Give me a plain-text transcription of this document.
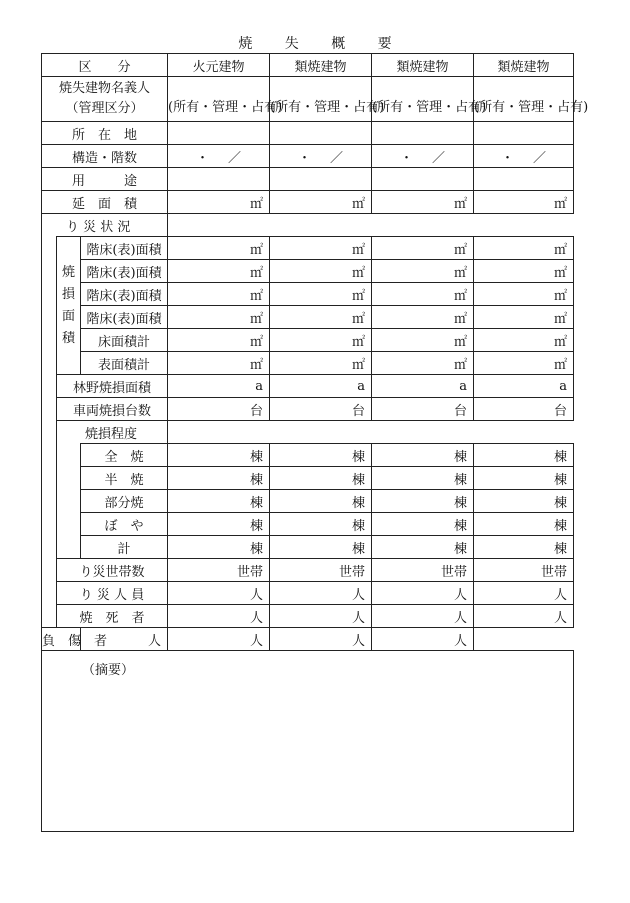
焼 失 概 要
区　　分			火元建物	類焼建物	類焼建物	類焼建物

焼失建物名義人
（管理区分）			(所有・管理・占有)	(所有・管理・占有)	(所有・管理・占有)	(所有・管理・占有)
所　在　地						
構造・階数			・ ／	・ ／	・ ／	・ ／
用　　　途						
延　面　積			㎡	㎡	㎡	㎡
り 災 状 況						

	焼
損
面
積	階床(表)面積	㎡	㎡	㎡	㎡
		階床(表)面積	㎡	㎡	㎡	㎡
		階床(表)面積	㎡	㎡	㎡	㎡
		階床(表)面積	㎡	㎡	㎡	㎡
		床面積計	㎡	㎡	㎡	㎡
		表面積計	㎡	㎡	㎡	㎡
	林野焼損面積		a	a	a	a
	車両焼損台数		台	台	台	台
	焼損程度					
		全　焼	棟	棟	棟	棟
		半　焼	棟	棟	棟	棟
		部分焼	棟	棟	棟	棟
		ぼ　や	棟	棟	棟	棟
		計	棟	棟	棟	棟
	り災世帯数		世帯	世帯	世帯	世帯
	り 災 人 員		人	人	人	人
	焼　死　者		人	人	人	人
負　傷　者		人	人	人	人	

（摘要）						
